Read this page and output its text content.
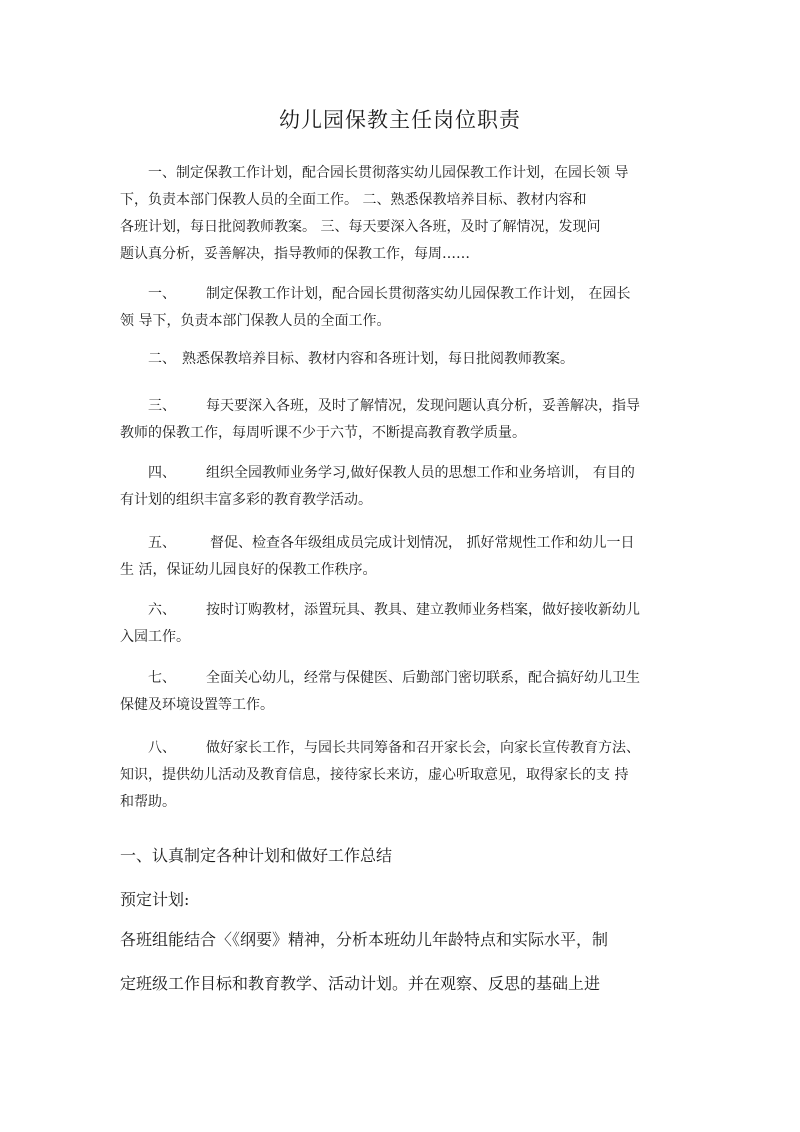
幼儿园保教主任岗位职责
一、制定保教工作计划，配合园长贯彻落实幼儿园保教工作计划，在园长领 导
下，负责本部门保教人员的全面工作。 二、熟悉保教培养目标、教材内容和
各班计划，每日批阅教师教案。 三、每天要深入各班，及时了解情况，发现问
题认真分析，妥善解决，指导教师的保教工作，每周……
一、 制定保教工作计划，配合园长贯彻落实幼儿园保教工作计划， 在园长
领 导下，负责本部门保教人员的全面工作。
二、 熟悉保教培养目标、教材内容和各班计划，每日批阅教师教案。
三、 每天要深入各班，及时了解情况，发现问题认真分析，妥善解决，指导
教师的保教工作，每周听课不少于六节，不断提高教育教学质量。
四、 组织全园教师业务学习,做好保教人员的思想工作和业务培训， 有目的
有计划的组织丰富多彩的教育教学活动。
五、 督促、检查各年级组成员完成计划情况， 抓好常规性工作和幼儿一日
生 活，保证幼儿园良好的保教工作秩序。
六、 按时订购教材，添置玩具、教具、建立教师业务档案，做好接收新幼儿
入园工作。
七、 全面关心幼儿，经常与保健医、后勤部门密切联系，配合搞好幼儿卫生
保健及环境设置等工作。
八、 做好家长工作，与园长共同筹备和召开家长会，向家长宣传教育方法、
知识，提供幼儿活动及教育信息，接待家长来访，虚心听取意见，取得家长的支 持
和帮助。
一、认真制定各种计划和做好工作总结
预定计划:
各班组能结合〈《纲要》精神，分析本班幼儿年龄特点和实际水平，制
定班级工作目标和教育教学、活动计划。并在观察、反思的基础上进
